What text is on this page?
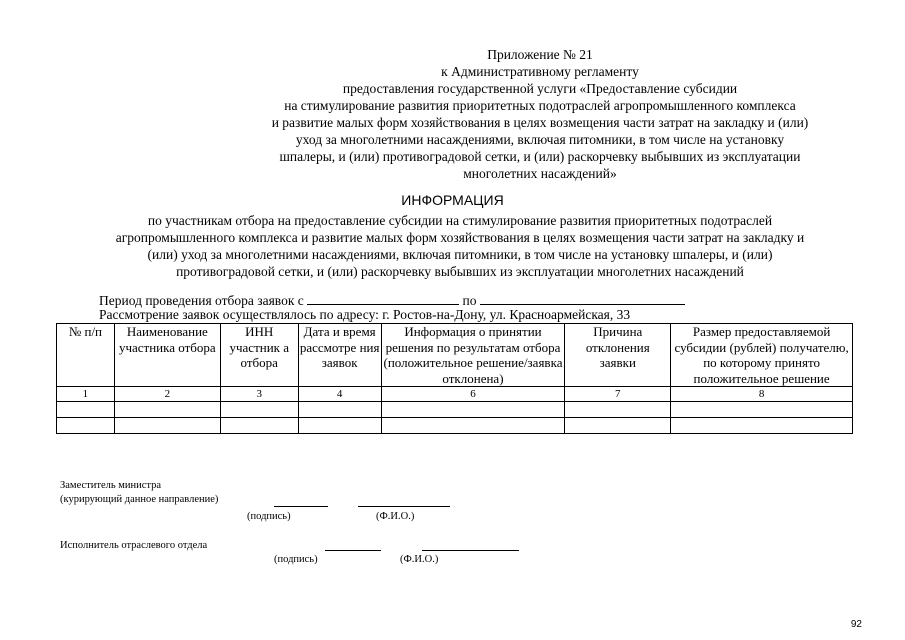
Приложение № 21
к Административному регламенту
предоставления государственной услуги «Предоставление субсидии
на стимулирование развития приоритетных подотраслей агропромышленного комплекса
и развитие малых форм хозяйствования в целях возмещения части затрат на закладку и (или)
уход за многолетними насаждениями, включая питомники, в том числе на установку
шпалеры, и (или) противоградовой сетки, и (или) раскорчевку выбывших из эксплуатации
многолетних насаждений»
ИНФОРМАЦИЯ
по участникам отбора на предоставление субсидии на стимулирование развития приоритетных подотраслей
агропромышленного комплекса и развитие малых форм хозяйствования в целях возмещения части затрат на закладку и
(или) уход за многолетними насаждениями, включая питомники, в том числе на установку шпалеры, и (или)
противоградовой сетки, и (или) раскорчевку выбывших из эксплуатации многолетних насаждений
Период проведения отбора заявок с	по
Рассмотрение заявок осуществлялось по адресу: г. Ростов-на-Дону, ул. Красноармейская, 33
№ п/п	Наименование участника отбора	ИНН участник а отбора	Дата и время рассмотре ния заявок	Информация о принятии решения по результатам отбора (положительное решение/заявка отклонена)	Причина отклонения заявки	Размер предоставляемой субсидии (рублей) получателю, по которому принято положительное решение
1	2	3	4	6	7	8

Заместитель министра
(курирующий данное направление)
(подпись)	(Ф.И.О.)
Исполнитель отраслевого отдела
(подпись)	(Ф.И.О.)
92
